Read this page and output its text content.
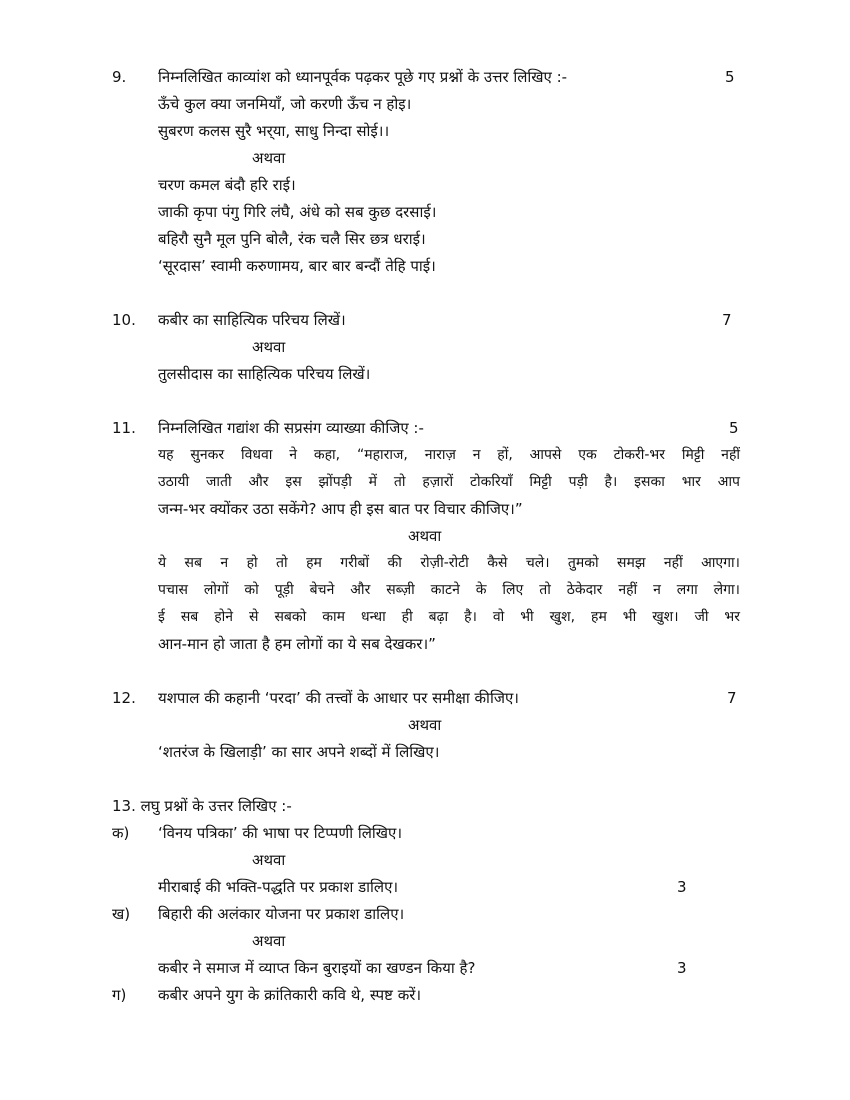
9. निम्नलिखित काव्यांश को ध्यानपूर्वक पढ़कर पूछे गए प्रश्नों के उत्तर लिखिए :-	5
ऊँचे कुल क्या जनमियाँ, जो करणी ऊँच न होइ।
सुबरण कलस सुरै भर्‌या, साधु निन्दा सोई।।
अथवा
चरण कमल बंदौ हरि राई।
जाकी कृपा पंगु गिरि लंघै, अंधे को सब कुछ दरसाई।
बहिरौ सुनै मूल पुनि बोलै, रंक चलै सिर छत्र धराई।
‘सूरदास’ स्वामी करुणामय, बार बार बन्दौं तेहि पाई।
10. कबीर का साहित्यिक परिचय लिखें।	7
अथवा
तुलसीदास का साहित्यिक परिचय लिखें।
11. निम्नलिखित गद्यांश की सप्रसंग व्याख्या कीजिए :-	5
यह सुनकर विधवा ने कहा, “महाराज, नाराज़ न हों, आपसे एक टोकरी-भर मिट्टी नहीं
उठायी जाती और इस झोंपड़ी में तो हज़ारों टोकरियाँ मिट्टी पड़ी है। इसका भार आप
जन्म-भर क्योंकर उठा सकेंगे? आप ही इस बात पर विचार कीजिए।”
अथवा
ये सब न हो तो हम गरीबों की रोज़ी-रोटी कैसे चले। तुमको समझ नहीं आएगा।
पचास लोगों को पूड़ी बेचने और सब्ज़ी काटने के लिए तो ठेकेदार नहीं न लगा लेगा।
ई सब होने से सबको काम धन्धा ही बढ़ा है। वो भी खुश, हम भी खुश। जी भर
आन-मान हो जाता है हम लोगों का ये सब देखकर।”
12. यशपाल की कहानी ‘परदा’ की तत्त्वों के आधार पर समीक्षा कीजिए।	7
अथवा
‘शतरंज के खिलाड़ी’ का सार अपने शब्दों में लिखिए।
13. लघु प्रश्नों के उत्तर लिखिए :-
क) ‘विनय पत्रिका’ की भाषा पर टिप्पणी लिखिए।
अथवा
मीराबाई की भक्ति-पद्धति पर प्रकाश डालिए।	3
ख) बिहारी की अलंकार योजना पर प्रकाश डालिए।
अथवा
कबीर ने समाज में व्याप्त किन बुराइयों का खण्डन किया है?	3
ग) कबीर अपने युग के क्रांतिकारी कवि थे, स्पष्ट करें।
